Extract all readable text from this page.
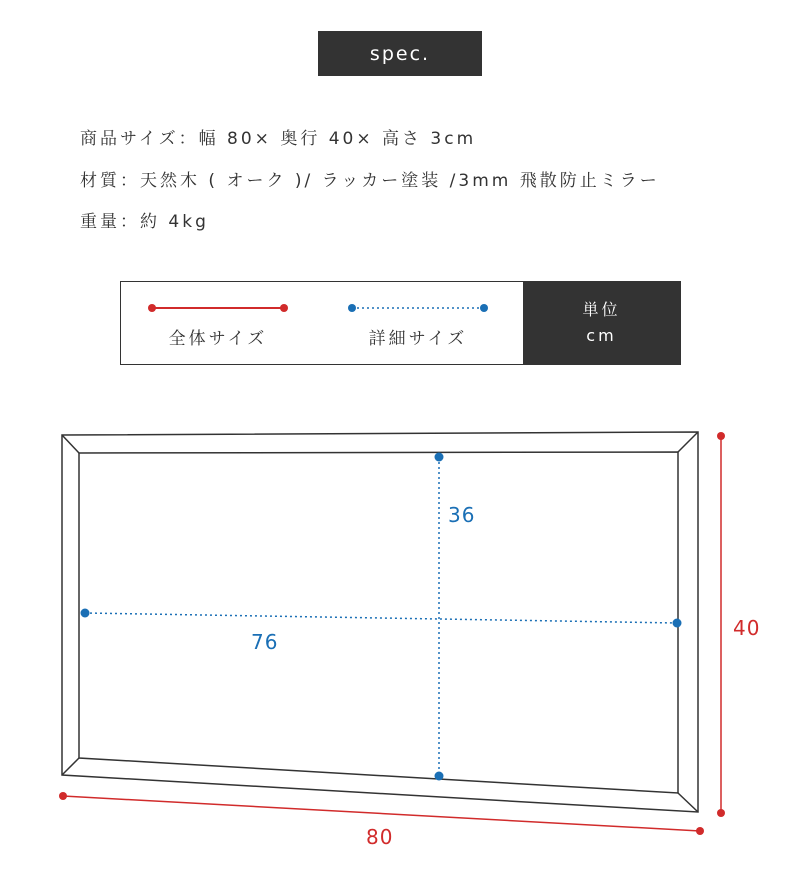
spec.
商品サイズ：幅 80× 奥行 40× 高さ 3cm
材質：天然木 ( オーク )/ ラッカー塗装 /3mm 飛散防止ミラー
重量：約 4kg
全体サイズ	詳細サイズ
単位
cm
36
76
40
80
